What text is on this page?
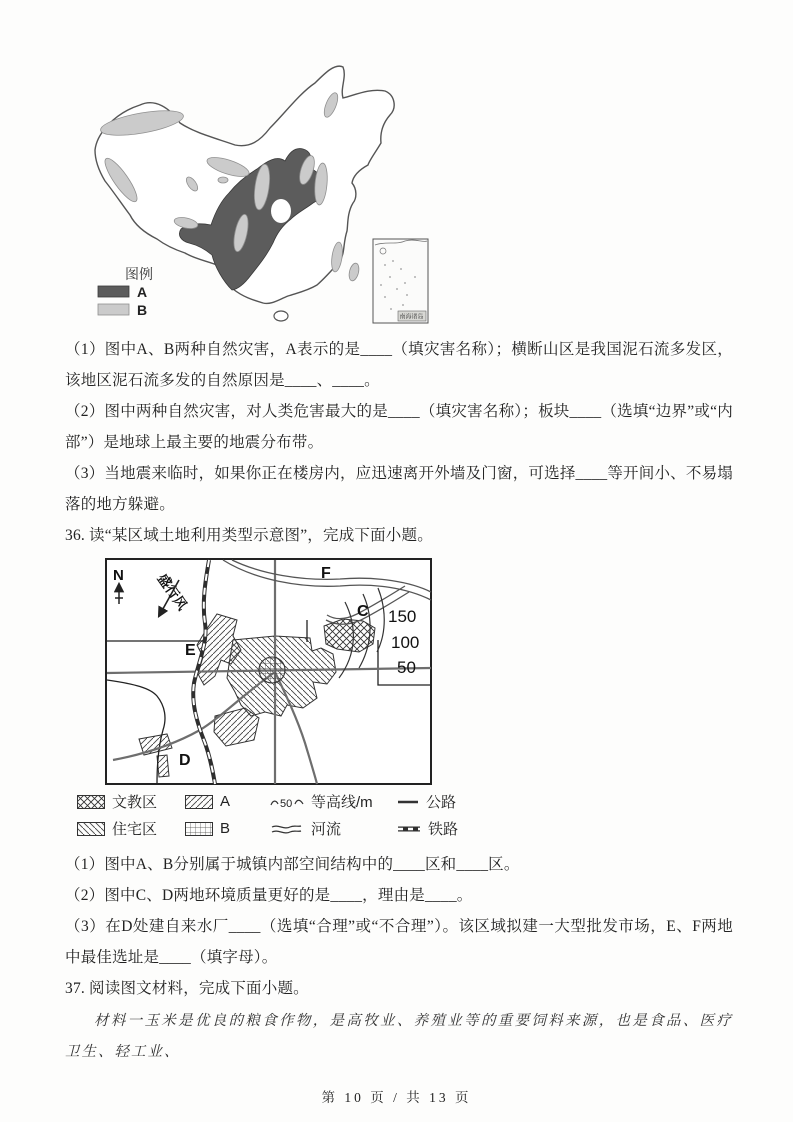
图例
A
B	南海诸岛
（1）图中A、B两种自然灾害，A表示的是____（填灾害名称）；横断山区是我国泥石流多发区，该地区泥石流多发的自然原因是____、____。
（2）图中两种自然灾害，对人类危害最大的是____（填灾害名称）；板块____（选填“边界”或“内部”）是地球上最主要的地震分布带。
（3）当地震来临时，如果你正在楼房内，应迅速离开外墙及门窗，可选择____等开间小、不易塌落的地方躲避。
36. 读“某区域土地利用类型示意图”，完成下面小题。
150
100
50
N
E
D
C
F
文教区	A	50 等高线/m	公路
住宅区	B	河流	铁路
（1）图中A、B分别属于城镇内部空间结构中的____区和____区。
（2）图中C、D两地环境质量更好的是____，理由是____。
（3）在D处建自来水厂____（选填“合理”或“不合理”）。该区域拟建一大型批发市场，E、F两地中最佳选址是____（填字母）。
37. 阅读图文材料，完成下面小题。
材料一玉米是优良的粮食作物，是高牧业、养殖业等的重要饲料来源，也是食品、医疗卫生、轻工业、
第 10 页 / 共 13 页
